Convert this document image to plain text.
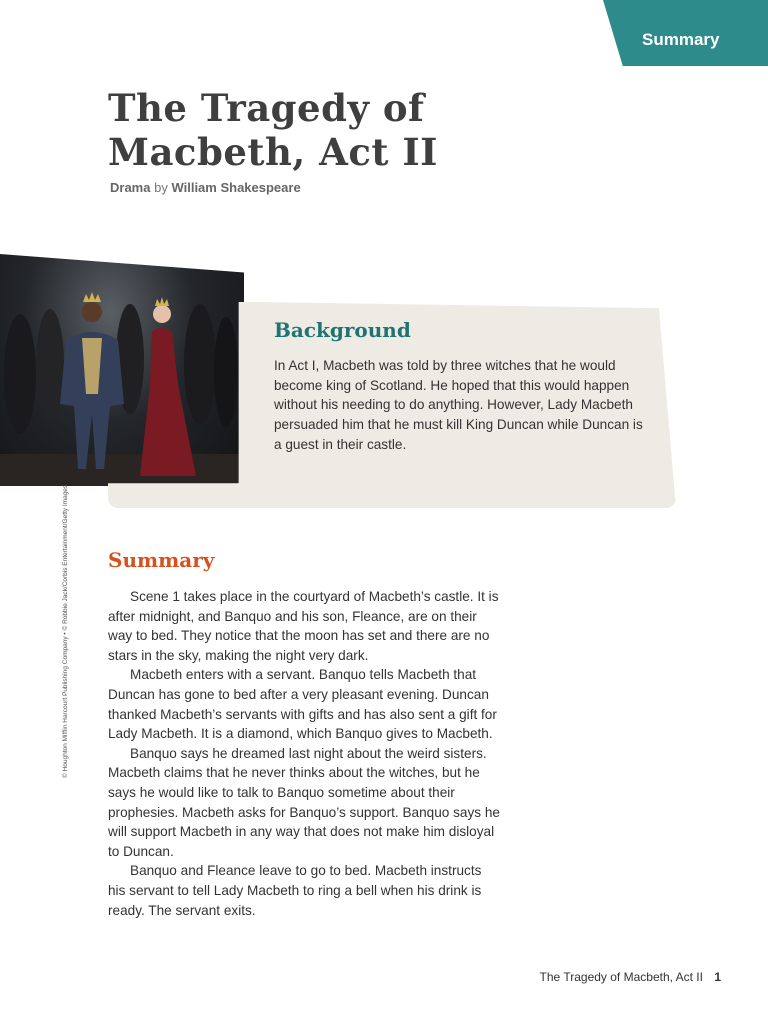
Summary
The Tragedy of Macbeth, Act II
Drama by William Shakespeare
Background

In Act I, Macbeth was told by three witches that he would become king of Scotland. He hoped that this would happen without his needing to do anything. However, Lady Macbeth persuaded him that he must kill King Duncan while Duncan is a guest in their castle.

Summary

Scene 1 takes place in the courtyard of Macbeth’s castle. It is after midnight, and Banquo and his son, Fleance, are on their way to bed. They notice that the moon has set and there are no stars in the sky, making the night very dark.

Macbeth enters with a servant. Banquo tells Macbeth that Duncan has gone to bed after a very pleasant evening. Duncan thanked Macbeth’s servants with gifts and has also sent a gift for Lady Macbeth. It is a diamond, which Banquo gives to Macbeth.

Banquo says he dreamed last night about the weird sisters. Macbeth claims that he never thinks about the witches, but he says he would like to talk to Banquo sometime about their prophesies. Macbeth asks for Banquo’s support. Banquo says he will support Macbeth in any way that does not make him disloyal to Duncan.

Banquo and Fleance leave to go to bed. Macbeth instructs his servant to tell Lady Macbeth to ring a bell when his drink is ready. The servant exits.

© Houghton Mifflin Harcourt Publishing Company • © Robbie Jack/Corbis Entertainment/Getty Images
The Tragedy of Macbeth, Act II 1
